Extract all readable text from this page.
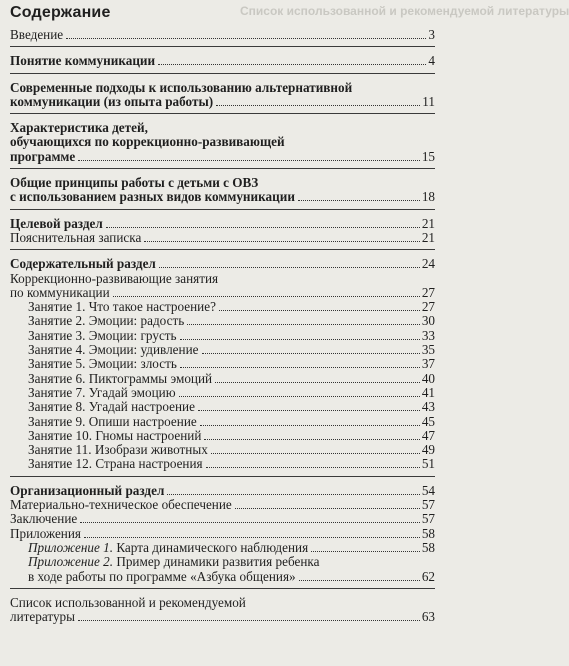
Список использованной и рекомендуемой литературы
Содержание
Введение	3
Понятие коммуникации	4
Современные подходы к использованию альтернативной
коммуникации (из опыта работы)	11
Характеристика детей,
обучающихся по коррекционно-развивающей
программе	15
Общие принципы работы с детьми с ОВЗ
с использованием разных видов коммуникации	18
Целевой раздел	21
Пояснительная записка	21
Содержательный раздел	24
Коррекционно-развивающие занятия
по коммуникации	27
Занятие 1. Что такое настроение?	27
Занятие 2. Эмоции: радость	30
Занятие 3. Эмоции: грусть	33
Занятие 4. Эмоции: удивление	35
Занятие 5. Эмоции: злость	37
Занятие 6. Пиктограммы эмоций	40
Занятие 7. Угадай эмоцию	41
Занятие 8. Угадай настроение	43
Занятие 9. Опиши настроение	45
Занятие 10. Гномы настроений	47
Занятие 11. Изобрази животных	49
Занятие 12. Страна настроения	51
Организационный раздел	54
Материально-техническое обеспечение	57
Заключение	57
Приложения	58
Приложение 1. Карта динамического наблюдения	58
Приложение 2. Пример динамики развития ребенка
в ходе работы по программе «Азбука общения»	62
Список использованной и рекомендуемой
литературы	63
